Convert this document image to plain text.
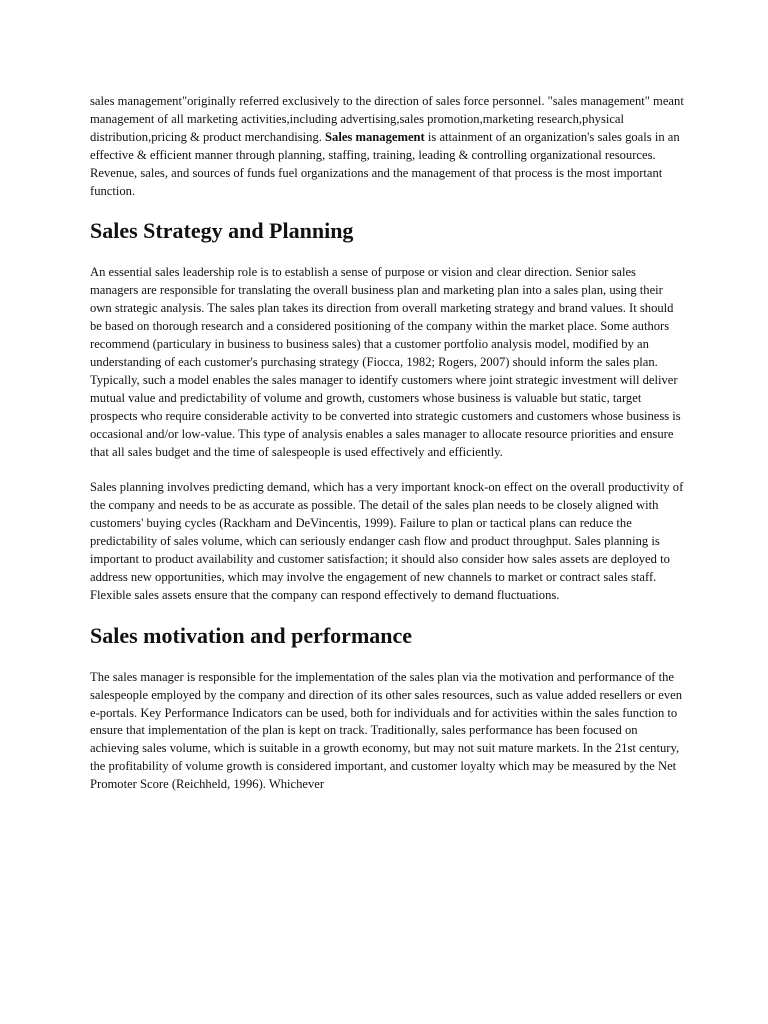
sales management"originally referred exclusively to the direction of sales force personnel. "sales management" meant management of all marketing activities,including advertising,sales promotion,marketing research,physical distribution,pricing & product merchandising. Sales management is attainment of an organization's sales goals in an effective & efficient manner through planning, staffing, training, leading & controlling organizational resources. Revenue, sales, and sources of funds fuel organizations and the management of that process is the most important function.

Sales Strategy and Planning

An essential sales leadership role is to establish a sense of purpose or vision and clear direction. Senior sales managers are responsible for translating the overall business plan and marketing plan into a sales plan, using their own strategic analysis. The sales plan takes its direction from overall marketing strategy and brand values. It should be based on thorough research and a considered positioning of the company within the market place. Some authors recommend (particulary in business to business sales) that a customer portfolio analysis model, modified by an understanding of each customer's purchasing strategy (Fiocca, 1982; Rogers, 2007) should inform the sales plan. Typically, such a model enables the sales manager to identify customers where joint strategic investment will deliver mutual value and predictability of volume and growth, customers whose business is valuable but static, target prospects who require considerable activity to be converted into strategic customers and customers whose business is occasional and/or low-value. This type of analysis enables a sales manager to allocate resource priorities and ensure that all sales budget and the time of salespeople is used effectively and efficiently.

Sales planning involves predicting demand, which has a very important knock-on effect on the overall productivity of the company and needs to be as accurate as possible. The detail of the sales plan needs to be closely aligned with customers' buying cycles (Rackham and DeVincentis, 1999). Failure to plan or tactical plans can reduce the predictability of sales volume, which can seriously endanger cash flow and product throughput. Sales planning is important to product availability and customer satisfaction; it should also consider how sales assets are deployed to address new opportunities, which may involve the engagement of new channels to market or contract sales staff. Flexible sales assets ensure that the company can respond effectively to demand fluctuations.

Sales motivation and performance

The sales manager is responsible for the implementation of the sales plan via the motivation and performance of the salespeople employed by the company and direction of its other sales resources, such as value added resellers or even e-portals. Key Performance Indicators can be used, both for individuals and for activities within the sales function to ensure that implementation of the plan is kept on track. Traditionally, sales performance has been focused on achieving sales volume, which is suitable in a growth economy, but may not suit mature markets. In the 21st century, the profitability of volume growth is considered important, and customer loyalty which may be measured by the Net Promoter Score (Reichheld, 1996). Whichever
